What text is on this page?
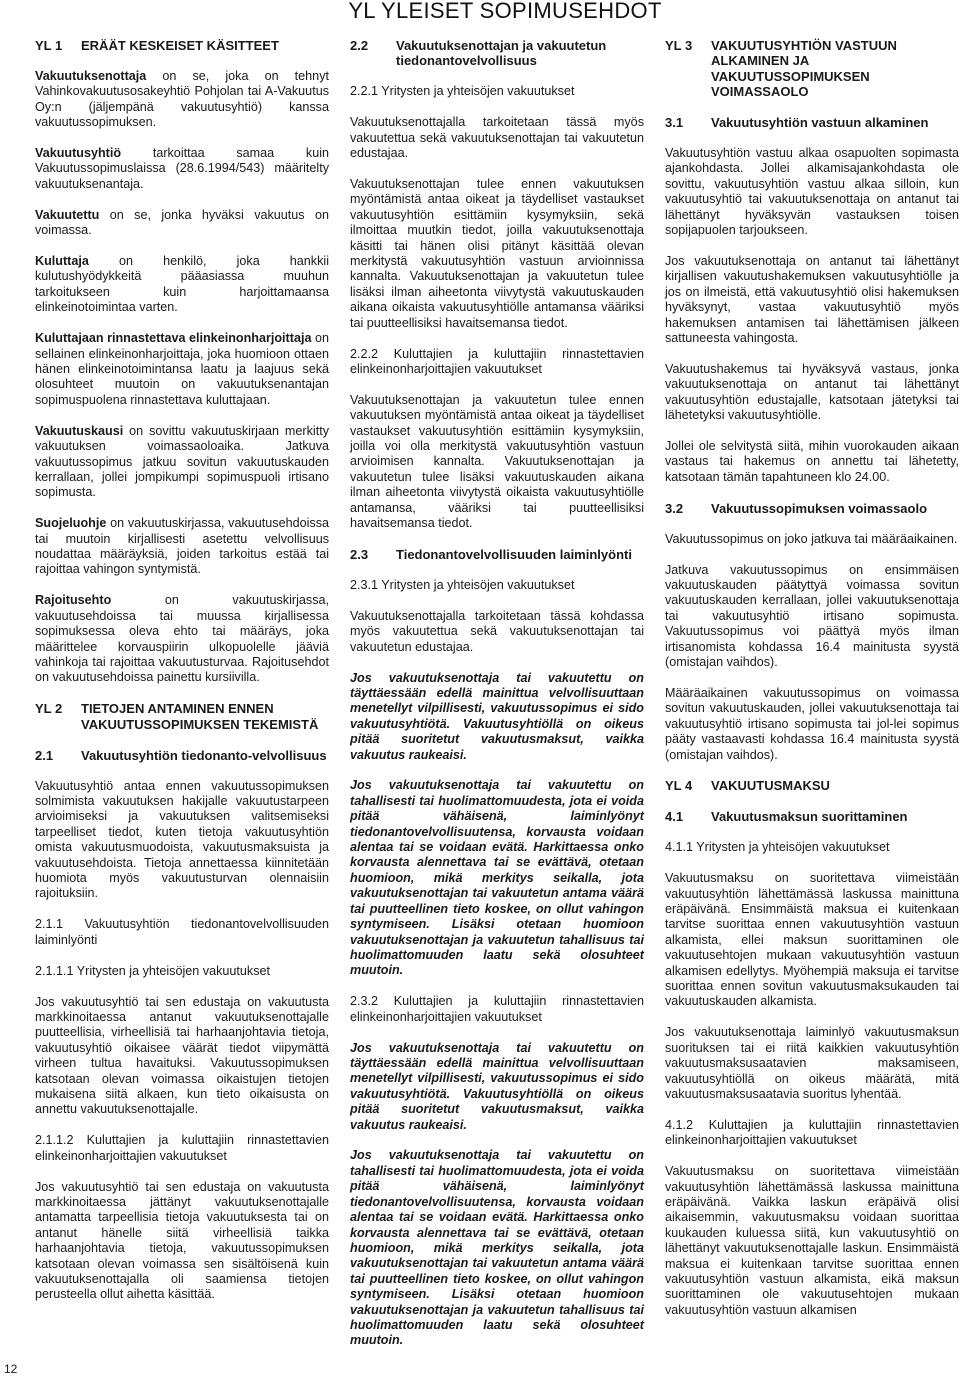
YL YLEISET SOPIMUSEHDOT
YL 1	ERÄÄT KESKEISET KÄSITTEET

Vakuutuksenottaja on se, joka on tehnyt Vahinkovakuutusosakeyhtiö Pohjolan tai A-Vakuutus Oy:n (jäljempänä vakuutusyhtiö) kanssa vakuutussopimuksen.

Vakuutusyhtiö tarkoittaa samaa kuin Vakuutussopimuslaissa (28.6.1994/543) määritelty vakuutuksenantaja.

Vakuutettu on se, jonka hyväksi vakuutus on voimassa.

Kuluttaja on henkilö, joka hankkii kulutushyödykkeitä pääasiassa muuhun tarkoitukseen kuin harjoittamaansa elinkeinotoimintaa varten.

Kuluttajaan rinnastettava elinkeinonharjoittaja on sellainen elinkeinonharjoittaja, joka huomioon ottaen hänen elinkeinotoimintansa laatu ja laajuus sekä olosuhteet muutoin on vakuutuksenantajan sopimuspuolena rinnastettava kuluttajaan.

Vakuutuskausi on sovittu vakuutuskirjaan merkitty vakuutuksen voimassaoloaika. Jatkuva vakuutussopimus jatkuu sovitun vakuutuskauden kerrallaan, jollei jompikumpi sopimuspuoli irtisano sopimusta.

Suojeluohje on vakuutuskirjassa, vakuutusehdoissa tai muutoin kirjallisesti asetettu velvollisuus noudattaa määräyksiä, joiden tarkoitus estää tai rajoittaa vahingon syntymistä.

Rajoitusehto on vakuutuskirjassa, vakuutusehdoissa tai muussa kirjallisessa sopimuksessa oleva ehto tai määräys, joka määrittelee korvauspiirin ulkopuolelle jääviä vahinkoja tai rajoittaa vakuutusturvaa. Rajoitusehdot on vakuutusehdoissa painettu kursiivilla.

YL 2	TIETOJEN ANTAMINEN ENNEN VAKUUTUSSOPIMUKSEN TEKEMISTÄ
2.1	Vakuutusyhtiön tiedonanto-velvollisuus

Vakuutusyhtiö antaa ennen vakuutussopimuksen solmimista vakuutuksen hakijalle vakuutustarpeen arvioimiseksi ja vakuutuksen valitsemiseksi tarpeelliset tiedot, kuten tietoja vakuutusyhtiön omista vakuutusmuodoista, vakuutusmaksuista ja vakuutusehdoista. Tietoja annettaessa kiinnitetään huomiota myös vakuutusturvan olennaisiin rajoituksiin.

2.1.1 Vakuutusyhtiön tiedonantovelvollisuuden laiminlyönti

2.1.1.1 Yritysten ja yhteisöjen vakuutukset

Jos vakuutusyhtiö tai sen edustaja on vakuutusta markkinoitaessa antanut vakuutuksenottajalle puutteellisia, virheellisiä tai harhaanjohtavia tietoja, vakuutusyhtiö oikaisee väärät tiedot viipymättä virheen tultua havaituksi. Vakuutussopimuksen katsotaan olevan voimassa oikaistujen tietojen mukaisena siitä alkaen, kun tieto oikaisusta on annettu vakuutuksenottajalle.

2.1.1.2 Kuluttajien ja kuluttajiin rinnastettavien elinkeinonharjoittajien vakuutukset

Jos vakuutusyhtiö tai sen edustaja on vakuutusta markkinoitaessa jättänyt vakuutuksenottajalle antamatta tarpeellisia tietoja vakuutuksesta tai on antanut hänelle siitä virheellisiä taikka harhaanjohtavia tietoja, vakuutussopimuksen katsotaan olevan voimassa sen sisältöisenä kuin vakuutuksenottajalla oli saamiensa tietojen perusteella ollut aihetta käsittää.

2.2	Vakuutuksenottajan ja vakuutetun tiedonantovelvollisuus

2.2.1 Yritysten ja yhteisöjen vakuutukset

Vakuutuksenottajalla tarkoitetaan tässä myös vakuutettua sekä vakuutuksenottajan tai vakuutetun edustajaa.

Vakuutuksenottajan tulee ennen vakuutuksen myöntämistä antaa oikeat ja täydelliset vastaukset vakuutusyhtiön esittämiin kysymyksiin, sekä ilmoittaa muutkin tiedot, joilla vakuutuksenottaja käsitti tai hänen olisi pitänyt käsittää olevan merkitystä vakuutusyhtiön vastuun arvioinnissa kannalta. Vakuutuksenottajan ja vakuutetun tulee lisäksi ilman aiheetonta viivytystä vakuutuskauden aikana oikaista vakuutusyhtiölle antamansa vääriksi tai puutteellisiksi havaitsemansa tiedot.

2.2.2 Kuluttajien ja kuluttajiin rinnastettavien elinkeinonharjoittajien vakuutukset

Vakuutuksenottajan ja vakuutetun tulee ennen vakuutuksen myöntämistä antaa oikeat ja täydelliset vastaukset vakuutusyhtiön esittämiin kysymyksiin, joilla voi olla merkitystä vakuutusyhtiön vastuun arvioimisen kannalta. Vakuutuksenottajan ja vakuutetun tulee lisäksi vakuutuskauden aikana ilman aiheetonta viivytystä oikaista vakuutusyhtiölle antamansa, vääriksi tai puutteellisiksi havaitsemansa tiedot.

2.3	Tiedonantovelvollisuuden laiminlyönti

2.3.1 Yritysten ja yhteisöjen vakuutukset

Vakuutuksenottajalla tarkoitetaan tässä kohdassa myös vakuutettua sekä vakuutuksenottajan tai vakuutetun edustajaa.

Jos vakuutuksenottaja tai vakuutettu on täyttäessään edellä mainittua velvollisuuttaan menetellyt vilpillisesti, vakuutussopimus ei sido vakuutusyhtiötä. Vakuutusyhtiöllä on oikeus pitää suoritetut vakuutusmaksut, vaikka vakuutus raukeaisi.

Jos vakuutuksenottaja tai vakuutettu on tahallisesti tai huolimattomuudesta, jota ei voida pitää vähäisenä, laiminlyönyt tiedonantovelvollisuutensa, korvausta voidaan alentaa tai se voidaan evätä. Harkittaessa onko korvausta alennettava tai se evättävä, otetaan huomioon, mikä merkitys seikalla, jota vakuutuksenottajan tai vakuutetun antama väärä tai puutteellinen tieto koskee, on ollut vahingon syntymiseen. Lisäksi otetaan huomioon vakuutuksenottajan ja vakuutetun tahallisuus tai huolimattomuuden laatu sekä olosuhteet muutoin.

2.3.2 Kuluttajien ja kuluttajiin rinnastettavien elinkeinonharjoittajien vakuutukset

Jos vakuutuksenottaja tai vakuutettu on täyttäessään edellä mainittua velvollisuuttaan menetellyt vilpillisesti, vakuutussopimus ei sido vakuutusyhtiötä. Vakuutusyhtiöllä on oikeus pitää suoritetut vakuutusmaksut, vaikka vakuutus raukeaisi.

Jos vakuutuksenottaja tai vakuutettu on tahallisesti tai huolimattomuudesta, jota ei voida pitää vähäisenä, laiminlyönyt tiedonantovelvollisuutensa, korvausta voidaan alentaa tai se voidaan evätä. Harkittaessa onko korvausta alennettava tai se evättävä, otetaan huomioon, mikä merkitys seikalla, jota vakuutuksenottajan tai vakuutetun antama väärä tai puutteellinen tieto koskee, on ollut vahingon syntymiseen. Lisäksi otetaan huomioon vakuutuksenottajan ja vakuutetun tahallisuus tai huolimattomuuden laatu sekä olosuhteet muutoin.

YL 3	VAKUUTUSYHTIÖN VASTUUN ALKAMINEN JA VAKUUTUSSOPIMUKSEN VOIMASSAOLO
3.1	Vakuutusyhtiön vastuun alkaminen

Vakuutusyhtiön vastuu alkaa osapuolten sopimasta ajankohdasta. Jollei alkamisajankohdasta ole sovittu, vakuutusyhtiön vastuu alkaa silloin, kun vakuutusyhtiö tai vakuutuksenottaja on antanut tai lähettänyt hyväksyvän vastauksen toisen sopijapuolen tarjoukseen.

Jos vakuutuksenottaja on antanut tai lähettänyt kirjallisen vakuutushakemuksen vakuutusyhtiölle ja jos on ilmeistä, että vakuutusyhtiö olisi hakemuksen hyväksynyt, vastaa vakuutusyhtiö myös hakemuksen antamisen tai lähettämisen jälkeen sattuneesta vahingosta.

Vakuutushakemus tai hyväksyvä vastaus, jonka vakuutuksenottaja on antanut tai lähettänyt vakuutusyhtiön edustajalle, katsotaan jätetyksi tai lähetetyksi vakuutusyhtiölle.

Jollei ole selvitystä siitä, mihin vuorokauden aikaan vastaus tai hakemus on annettu tai lähetetty, katsotaan tämän tapahtuneen klo 24.00.

3.2	Vakuutussopimuksen voimassaolo

Vakuutussopimus on joko jatkuva tai määräaikainen.

Jatkuva vakuutussopimus on ensimmäisen vakuutuskauden päätyttyä voimassa sovitun vakuutuskauden kerrallaan, jollei vakuutuksenottaja tai vakuutusyhtiö irtisano sopimusta. Vakuutussopimus voi päättyä myös ilman irtisanomista kohdassa 16.4 mainitusta syystä (omistajan vaihdos).

Määräaikainen vakuutussopimus on voimassa sovitun vakuutuskauden, jollei vakuutuksenottaja tai vakuutusyhtiö irtisano sopimusta tai jol-lei sopimus pääty vastaavasti kohdassa 16.4 mainitusta syystä (omistajan vaihdos).

YL 4	VAKUUTUSMAKSU
4.1	Vakuutusmaksun suorittaminen

4.1.1 Yritysten ja yhteisöjen vakuutukset

Vakuutusmaksu on suoritettava viimeistään vakuutusyhtiön lähettämässä laskussa mainittuna eräpäivänä. Ensimmäistä maksua ei kuitenkaan tarvitse suorittaa ennen vakuutusyhtiön vastuun alkamista, ellei maksun suorittaminen ole vakuutusehtojen mukaan vakuutusyhtiön vastuun alkamisen edellytys. Myöhempiä maksuja ei tarvitse suorittaa ennen sovitun vakuutusmaksukauden tai vakuutuskauden alkamista.

Jos vakuutuksenottaja laiminlyö vakuutusmaksun suorituksen tai ei riitä kaikkien vakuutusyhtiön vakuutusmaksusaatavien maksamiseen, vakuutusyhtiöllä on oikeus määrätä, mitä vakuutusmaksusaatavia suoritus lyhentää.

4.1.2 Kuluttajien ja kuluttajiin rinnastettavien elinkeinonharjoittajien vakuutukset

Vakuutusmaksu on suoritettava viimeistään vakuutusyhtiön lähettämässä laskussa mainittuna eräpäivänä. Vaikka laskun eräpäivä olisi aikaisemmin, vakuutusmaksu voidaan suorittaa kuukauden kuluessa siitä, kun vakuutusyhtiö on lähettänyt vakuutuksenottajalle laskun. Ensimmäistä maksua ei kuitenkaan tarvitse suorittaa ennen vakuutusyhtiön vastuun alkamista, eikä maksun suorittaminen ole vakuutusehtojen mukaan vakuutusyhtiön vastuun alkamisen

12
